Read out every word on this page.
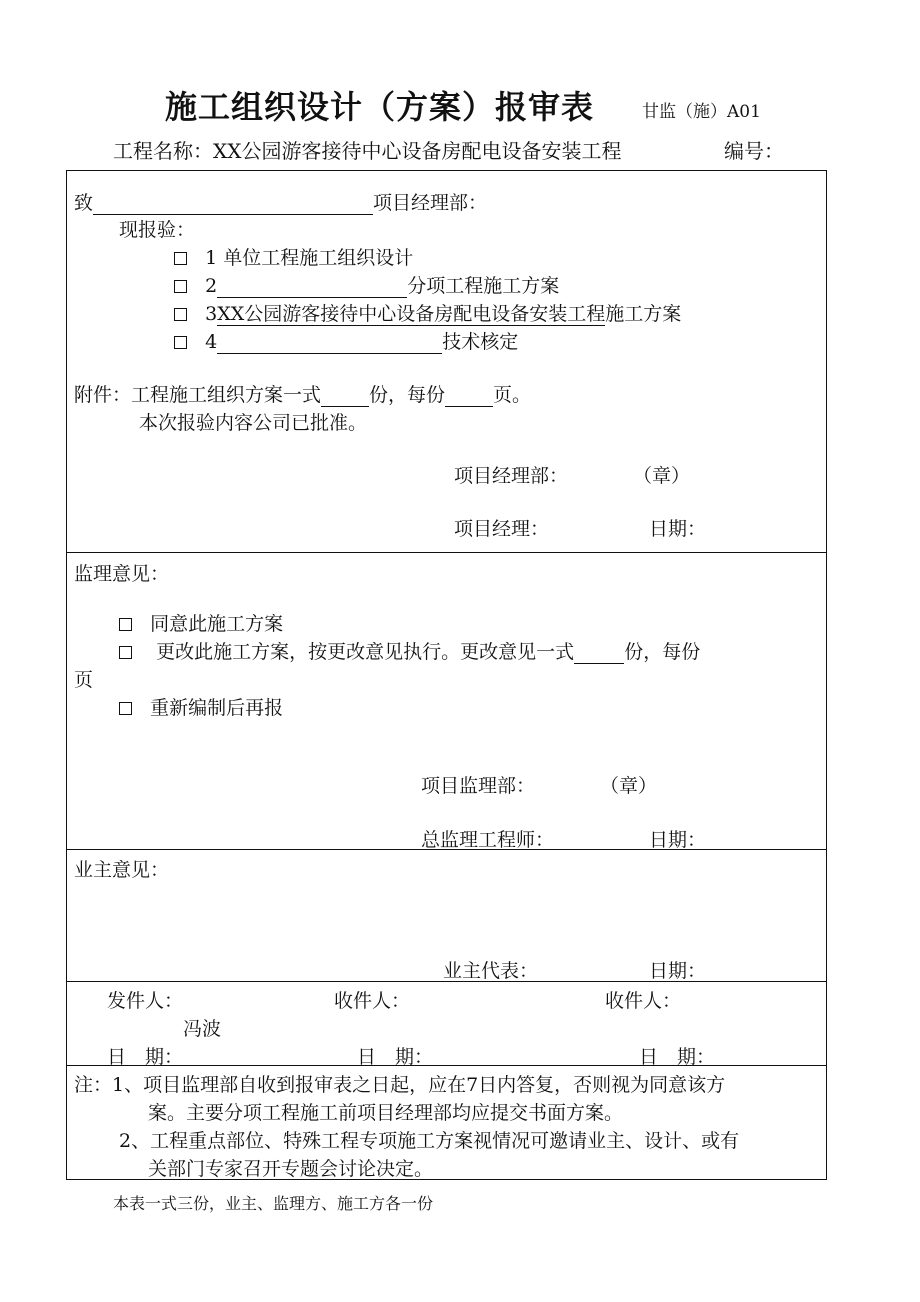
施工组织设计（方案）报审表	甘监（施）A01
工程名称：XX公园游客接待中心设备房配电设备安装工程	编号：
致	项目经理部：
现报验：
1 单位工程施工组织设计
2	分项工程施工方案
3XX公园游客接待中心设备房配电设备安装工程施工方案
4	技术核定
附件：工程施工组织方案一式	份，每份	页。
本次报验内容公司已批准。
项目经理部：	（章）
项目经理：	日期：
监理意见：
同意此施工方案
更改此施工方案，按更改意见执行。更改意见一式	份，每份
页
重新编制后再报
项目监理部：	（章）
总监理工程师：	日期：
业主意见：
业主代表：	日期：
发件人：	收件人：	收件人：
冯波
日　期：	日　期：	日　期：
注：1、项目监理部自收到报审表之日起，应在7日内答复，否则视为同意该方
案。主要分项工程施工前项目经理部均应提交书面方案。
2、工程重点部位、特殊工程专项施工方案视情况可邀请业主、设计、或有
关部门专家召开专题会讨论决定。
本表一式三份，业主、监理方、施工方各一份
